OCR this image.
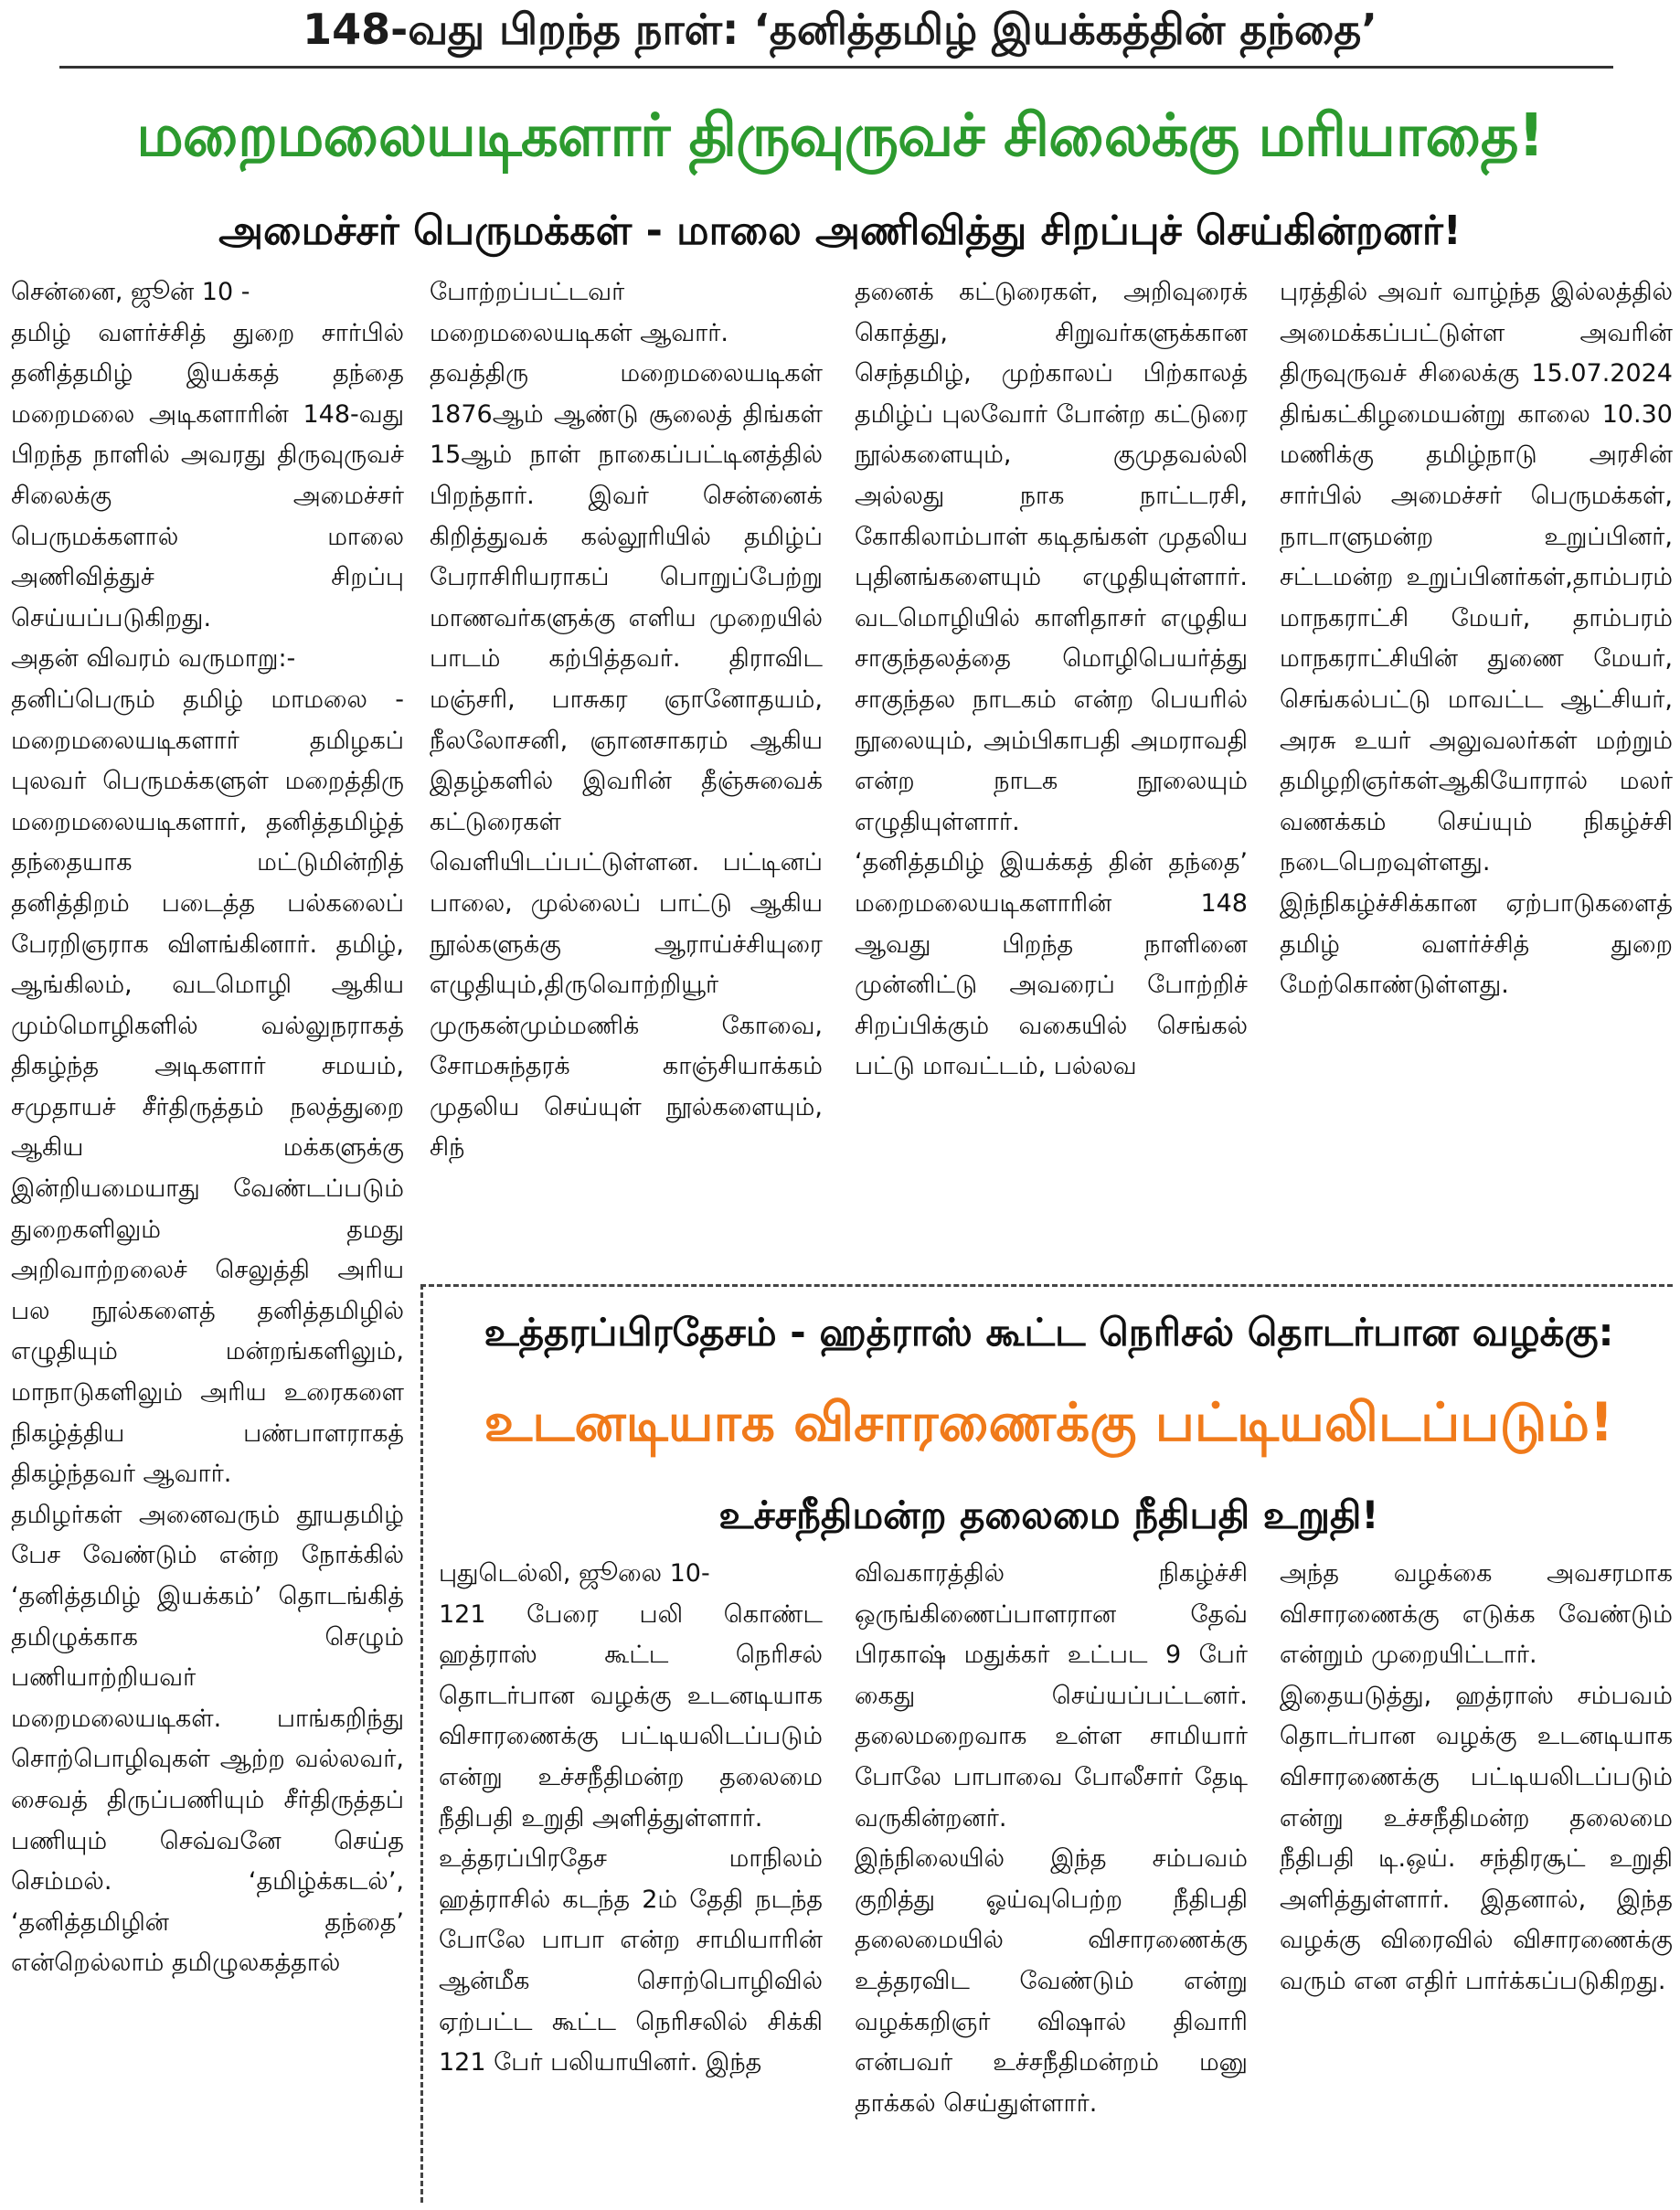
148-வது பிறந்த நாள்: ‘தனித்தமிழ் இயக்கத்தின் தந்தை’
மறைமலையடிகளார் திருவுருவச் சிலைக்கு மரியாதை!
அமைச்சர் பெருமக்கள் - மாலை அணிவித்து சிறப்புச் செய்கின்றனர்!
சென்னை, ஜூன் 10 -
தமிழ் வளர்ச்சித் துறை சார்பில் தனித்தமிழ் இயக்கத் தந்தை மறைமலை அடிகளாரின் 148-வது பிறந்த நாளில் அவரது திருவுருவச் சிலைக்கு அமைச்சர் பெருமக்களால் மாலை அணிவித்துச் சிறப்பு செய்யப்படுகிறது.
அதன் விவரம் வருமாறு:-
தனிப்பெரும் தமிழ் மாமலை - மறைமலையடிகளார் தமிழகப் புலவர் பெருமக்களுள் மறைத்திரு மறைமலையடிகளார், தனித்தமிழ்த் தந்தையாக மட்டுமின்றித் தனித்திறம் படைத்த பல்கலைப் பேரறிஞராக விளங்கினார். தமிழ், ஆங்கிலம், வடமொழி ஆகிய மும்மொழிகளில் வல்லுநராகத் திகழ்ந்த அடிகளார் சமயம், சமுதாயச் சீர்திருத்தம் நலத்துறை ஆகிய மக்களுக்கு இன்றியமையாது வேண்டப்படும் துறைகளிலும் தமது அறிவாற்றலைச் செலுத்தி அரிய பல நூல்களைத் தனித்தமிழில் எழுதியும் மன்றங்களிலும், மாநாடுகளிலும் அரிய உரைகளை நிகழ்த்திய பண்பாளராகத் திகழ்ந்தவர் ஆவார்.
தமிழர்கள் அனைவரும் தூயதமிழ் பேச வேண்டும் என்ற நோக்கில் ‘தனித்தமிழ் இயக்கம்’ தொடங்கித் தமிழுக்காக செழும் பணியாற்றியவர் மறைமலையடிகள். பாங்கறிந்து சொற்பொழிவுகள் ஆற்ற வல்லவர், சைவத் திருப்பணியும் சீர்திருத்தப் பணியும் செவ்வனே செய்த செம்மல். ‘தமிழ்க்கடல்’, ‘தனித்தமிழின் தந்தை’ என்றெல்லாம் தமிழுலகத்தால்
போற்றப்பட்டவர் மறைமலையடிகள் ஆவார்.
தவத்திரு மறைமலையடிகள் 1876ஆம் ஆண்டு சூலைத் திங்கள் 15ஆம் நாள் நாகைப்பட்டினத்தில் பிறந்தார். இவர் சென்னைக் கிறித்துவக் கல்லூரியில் தமிழ்ப் பேராசிரியராகப் பொறுப்பேற்று மாணவர்களுக்கு எளிய முறையில் பாடம் கற்பித்தவர். திராவிட மஞ்சரி, பாசுகர ஞானோதயம், நீலலோசனி, ஞானசாகரம் ஆகிய இதழ்களில் இவரின் தீஞ்சுவைக் கட்டுரைகள் வெளியிடப்பட்டுள்ளன. பட்டினப் பாலை, முல்லைப் பாட்டு ஆகிய நூல்களுக்கு ஆராய்ச்சியுரை எழுதியும்,திருவொற்றியூர் முருகன்மும்மணிக் கோவை, சோமசுந்தரக் காஞ்சியாக்கம் முதலிய செய்யுள் நூல்களையும், சிந்
தனைக் கட்டுரைகள், அறிவுரைக் கொத்து, சிறுவர்களுக்கான செந்தமிழ், முற்காலப் பிற்காலத் தமிழ்ப் புலவோர் போன்ற கட்டுரை நூல்களையும், குமுதவல்லி அல்லது நாக நாட்டரசி, கோகிலாம்பாள் கடிதங்கள் முதலிய புதினங்களையும் எழுதியுள்ளார். வடமொழியில் காளிதாசர் எழுதிய சாகுந்தலத்தை மொழிபெயர்த்து சாகுந்தல நாடகம் என்ற பெயரில் நூலையும், அம்பிகாபதி அமராவதி என்ற நாடக நூலையும் எழுதியுள்ளார்.
‘தனித்தமிழ் இயக்கத் தின் தந்தை’ மறைமலையடிகளாரின் 148 ஆவது பிறந்த நாளினை முன்னிட்டு அவரைப் போற்றிச் சிறப்பிக்கும் வகையில் செங்கல் பட்டு மாவட்டம், பல்லவ
புரத்தில் அவர் வாழ்ந்த இல்லத்தில் அமைக்கப்பட்டுள்ள அவரின் திருவுருவச் சிலைக்கு 15.07.2024 திங்கட்கிழமையன்று காலை 10.30 மணிக்கு தமிழ்நாடு அரசின் சார்பில் அமைச்சர் பெருமக்கள், நாடாளுமன்ற உறுப்பினர், சட்டமன்ற உறுப்பினர்கள்,தாம்பரம் மாநகராட்சி மேயர், தாம்பரம் மாநகராட்சியின் துணை மேயர், செங்கல்பட்டு மாவட்ட ஆட்சியர், அரசு உயர் அலுவலர்கள் மற்றும் தமிழறிஞர்கள்ஆகியோரால் மலர் வணக்கம் செய்யும் நிகழ்ச்சி நடைபெறவுள்ளது.
இந்நிகழ்ச்சிக்கான ஏற்பாடுகளைத் தமிழ் வளர்ச்சித் துறை மேற்கொண்டுள்ளது.
உத்தரப்பிரதேசம் - ஹத்ராஸ் கூட்ட நெரிசல் தொடர்பான வழக்கு:
உடனடியாக விசாரணைக்கு பட்டியலிடப்படும்!
உச்சநீதிமன்ற தலைமை நீதிபதி உறுதி!
புதுடெல்லி, ஜூலை 10-
121 பேரை பலி கொண்ட ஹத்ராஸ் கூட்ட நெரிசல் தொடர்பான வழக்கு உடனடியாக விசாரணைக்கு பட்டியலிடப்படும் என்று உச்சநீதிமன்ற தலைமை நீதிபதி உறுதி அளித்துள்ளார்.
உத்தரப்பிரதேச மாநிலம் ஹத்ராசில் கடந்த 2ம் தேதி நடந்த போலே பாபா என்ற சாமியாரின் ஆன்மீக சொற்பொழிவில் ஏற்பட்ட கூட்ட நெரிசலில் சிக்கி 121 பேர் பலியாயினர். இந்த
விவகாரத்தில் நிகழ்ச்சி ஒருங்கிணைப்பாளரான தேவ் பிரகாஷ் மதுக்கர் உட்பட 9 பேர் கைது செய்யப்பட்டனர். தலைமறைவாக உள்ள சாமியார் போலே பாபாவை போலீசார் தேடி வருகின்றனர்.
இந்நிலையில் இந்த சம்பவம் குறித்து ஓய்வுபெற்ற நீதிபதி தலைமையில் விசாரணைக்கு உத்தரவிட வேண்டும் என்று வழக்கறிஞர் விஷால் திவாரி என்பவர் உச்சநீதிமன்றம் மனு தாக்கல் செய்துள்ளார்.
அந்த வழக்கை அவசரமாக விசாரணைக்கு எடுக்க வேண்டும் என்றும் முறையிட்டார்.
இதையடுத்து, ஹத்ராஸ் சம்பவம் தொடர்பான வழக்கு உடனடியாக விசாரணைக்கு பட்டியலிடப்படும் என்று உச்சநீதிமன்ற தலைமை நீதிபதி டி.ஒய். சந்திரசூட் உறுதி அளித்துள்ளார். இதனால், இந்த வழக்கு விரைவில் விசாரணைக்கு வரும் என எதிர் பார்க்கப்படுகிறது.
